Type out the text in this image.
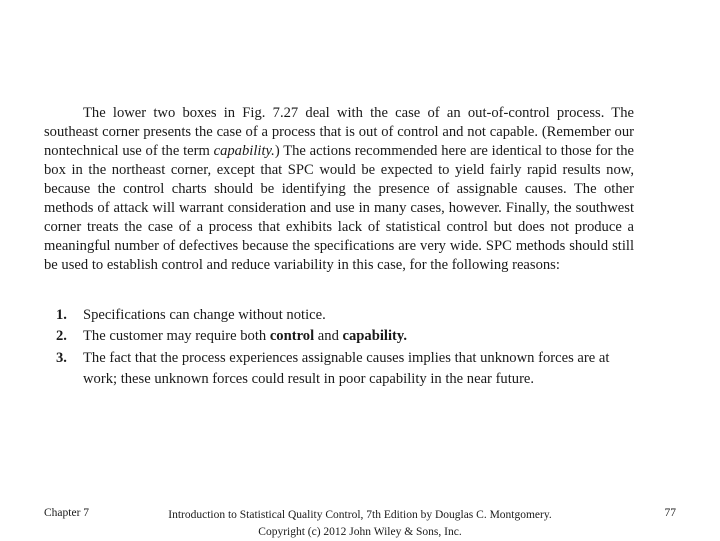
The lower two boxes in Fig. 7.27 deal with the case of an out-of-control process. The southeast corner presents the case of a process that is out of control and not capable. (Remember our nontechnical use of the term capability.) The actions recommended here are identical to those for the box in the northeast corner, except that SPC would be expected to yield fairly rapid results now, because the control charts should be identifying the presence of assignable causes. The other methods of attack will warrant consideration and use in many cases, however. Finally, the southwest corner treats the case of a process that exhibits lack of statistical control but does not produce a meaningful number of defectives because the specifications are very wide. SPC methods should still be used to establish control and reduce variability in this case, for the following reasons:

1. Specifications can change without notice.
2. The customer may require both control and capability.
3. The fact that the process experiences assignable causes implies that unknown forces are at work; these unknown forces could result in poor capability in the near future.
Chapter 7	Introduction to Statistical Quality Control, 7th Edition by Douglas C. Montgomery.
Copyright (c) 2012 John Wiley & Sons, Inc.
77
